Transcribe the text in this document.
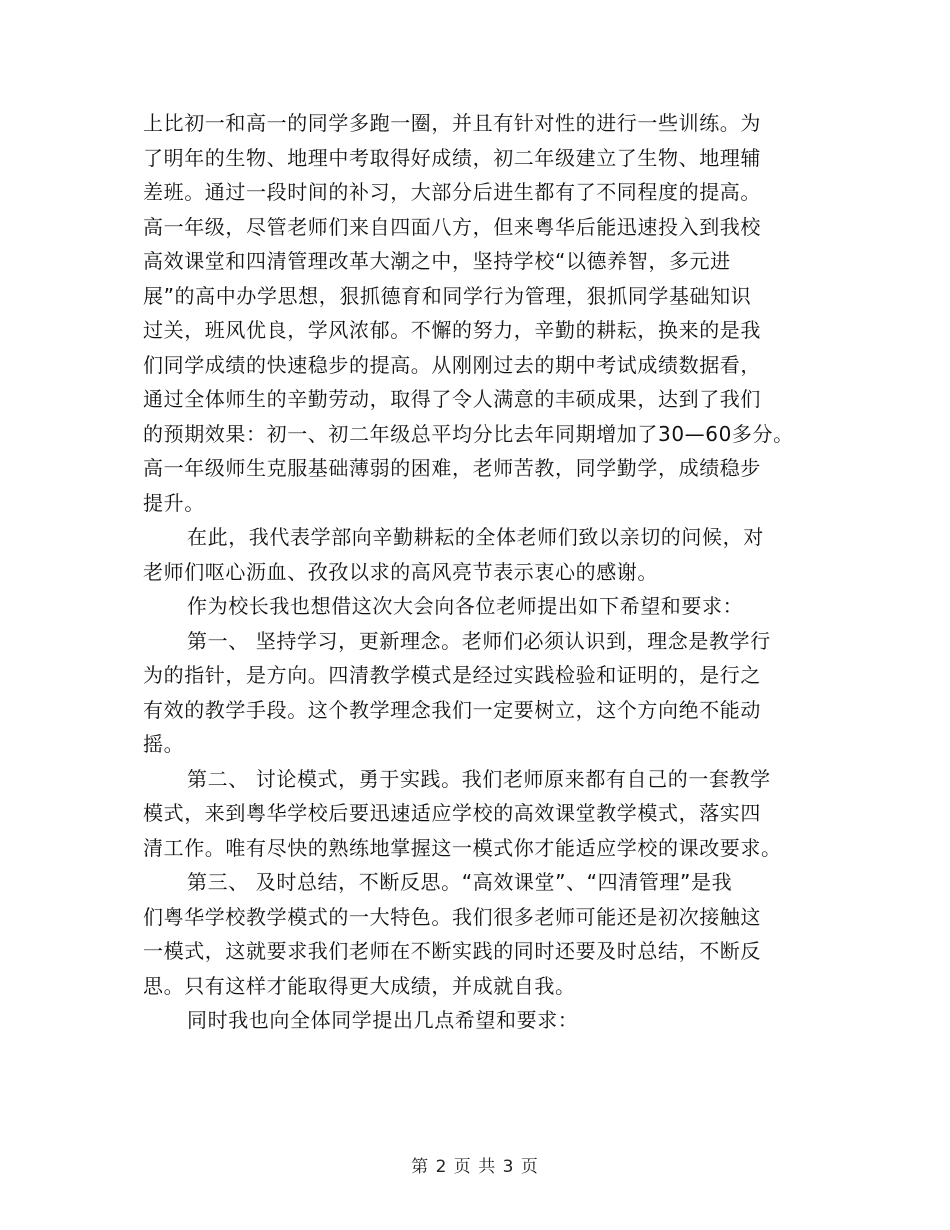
上比初一和高一的同学多跑一圈，并且有针对性的进行一些训练。为
了明年的生物、地理中考取得好成绩，初二年级建立了生物、地理辅
差班。通过一段时间的补习，大部分后进生都有了不同程度的提高。
高一年级，尽管老师们来自四面八方，但来粤华后能迅速投入到我校
高效课堂和四清管理改革大潮之中，坚持学校“以德养智，多元进
展”的高中办学思想，狠抓德育和同学行为管理，狠抓同学基础知识
过关，班风优良，学风浓郁。不懈的努力，辛勤的耕耘，换来的是我
们同学成绩的快速稳步的提高。从刚刚过去的期中考试成绩数据看，
通过全体师生的辛勤劳动，取得了令人满意的丰硕成果，达到了我们
的预期效果：初一、初二年级总平均分比去年同期增加了30—60多分。
高一年级师生克服基础薄弱的困难，老师苦教，同学勤学，成绩稳步
提升。
在此，我代表学部向辛勤耕耘的全体老师们致以亲切的问候，对
老师们呕心沥血、孜孜以求的高风亮节表示衷心的感谢。
作为校长我也想借这次大会向各位老师提出如下希望和要求：
第一、 坚持学习，更新理念。老师们必须认识到，理念是教学行
为的指针，是方向。四清教学模式是经过实践检验和证明的，是行之
有效的教学手段。这个教学理念我们一定要树立，这个方向绝不能动
摇。
第二、 讨论模式，勇于实践。我们老师原来都有自己的一套教学
模式，来到粤华学校后要迅速适应学校的高效课堂教学模式，落实四
清工作。唯有尽快的熟练地掌握这一模式你才能适应学校的课改要求。
第三、 及时总结，不断反思。“高效课堂”、“四清管理”是我
们粤华学校教学模式的一大特色。我们很多老师可能还是初次接触这
一模式，这就要求我们老师在不断实践的同时还要及时总结，不断反
思。只有这样才能取得更大成绩，并成就自我。
同时我也向全体同学提出几点希望和要求：
第 2 页 共 3 页
